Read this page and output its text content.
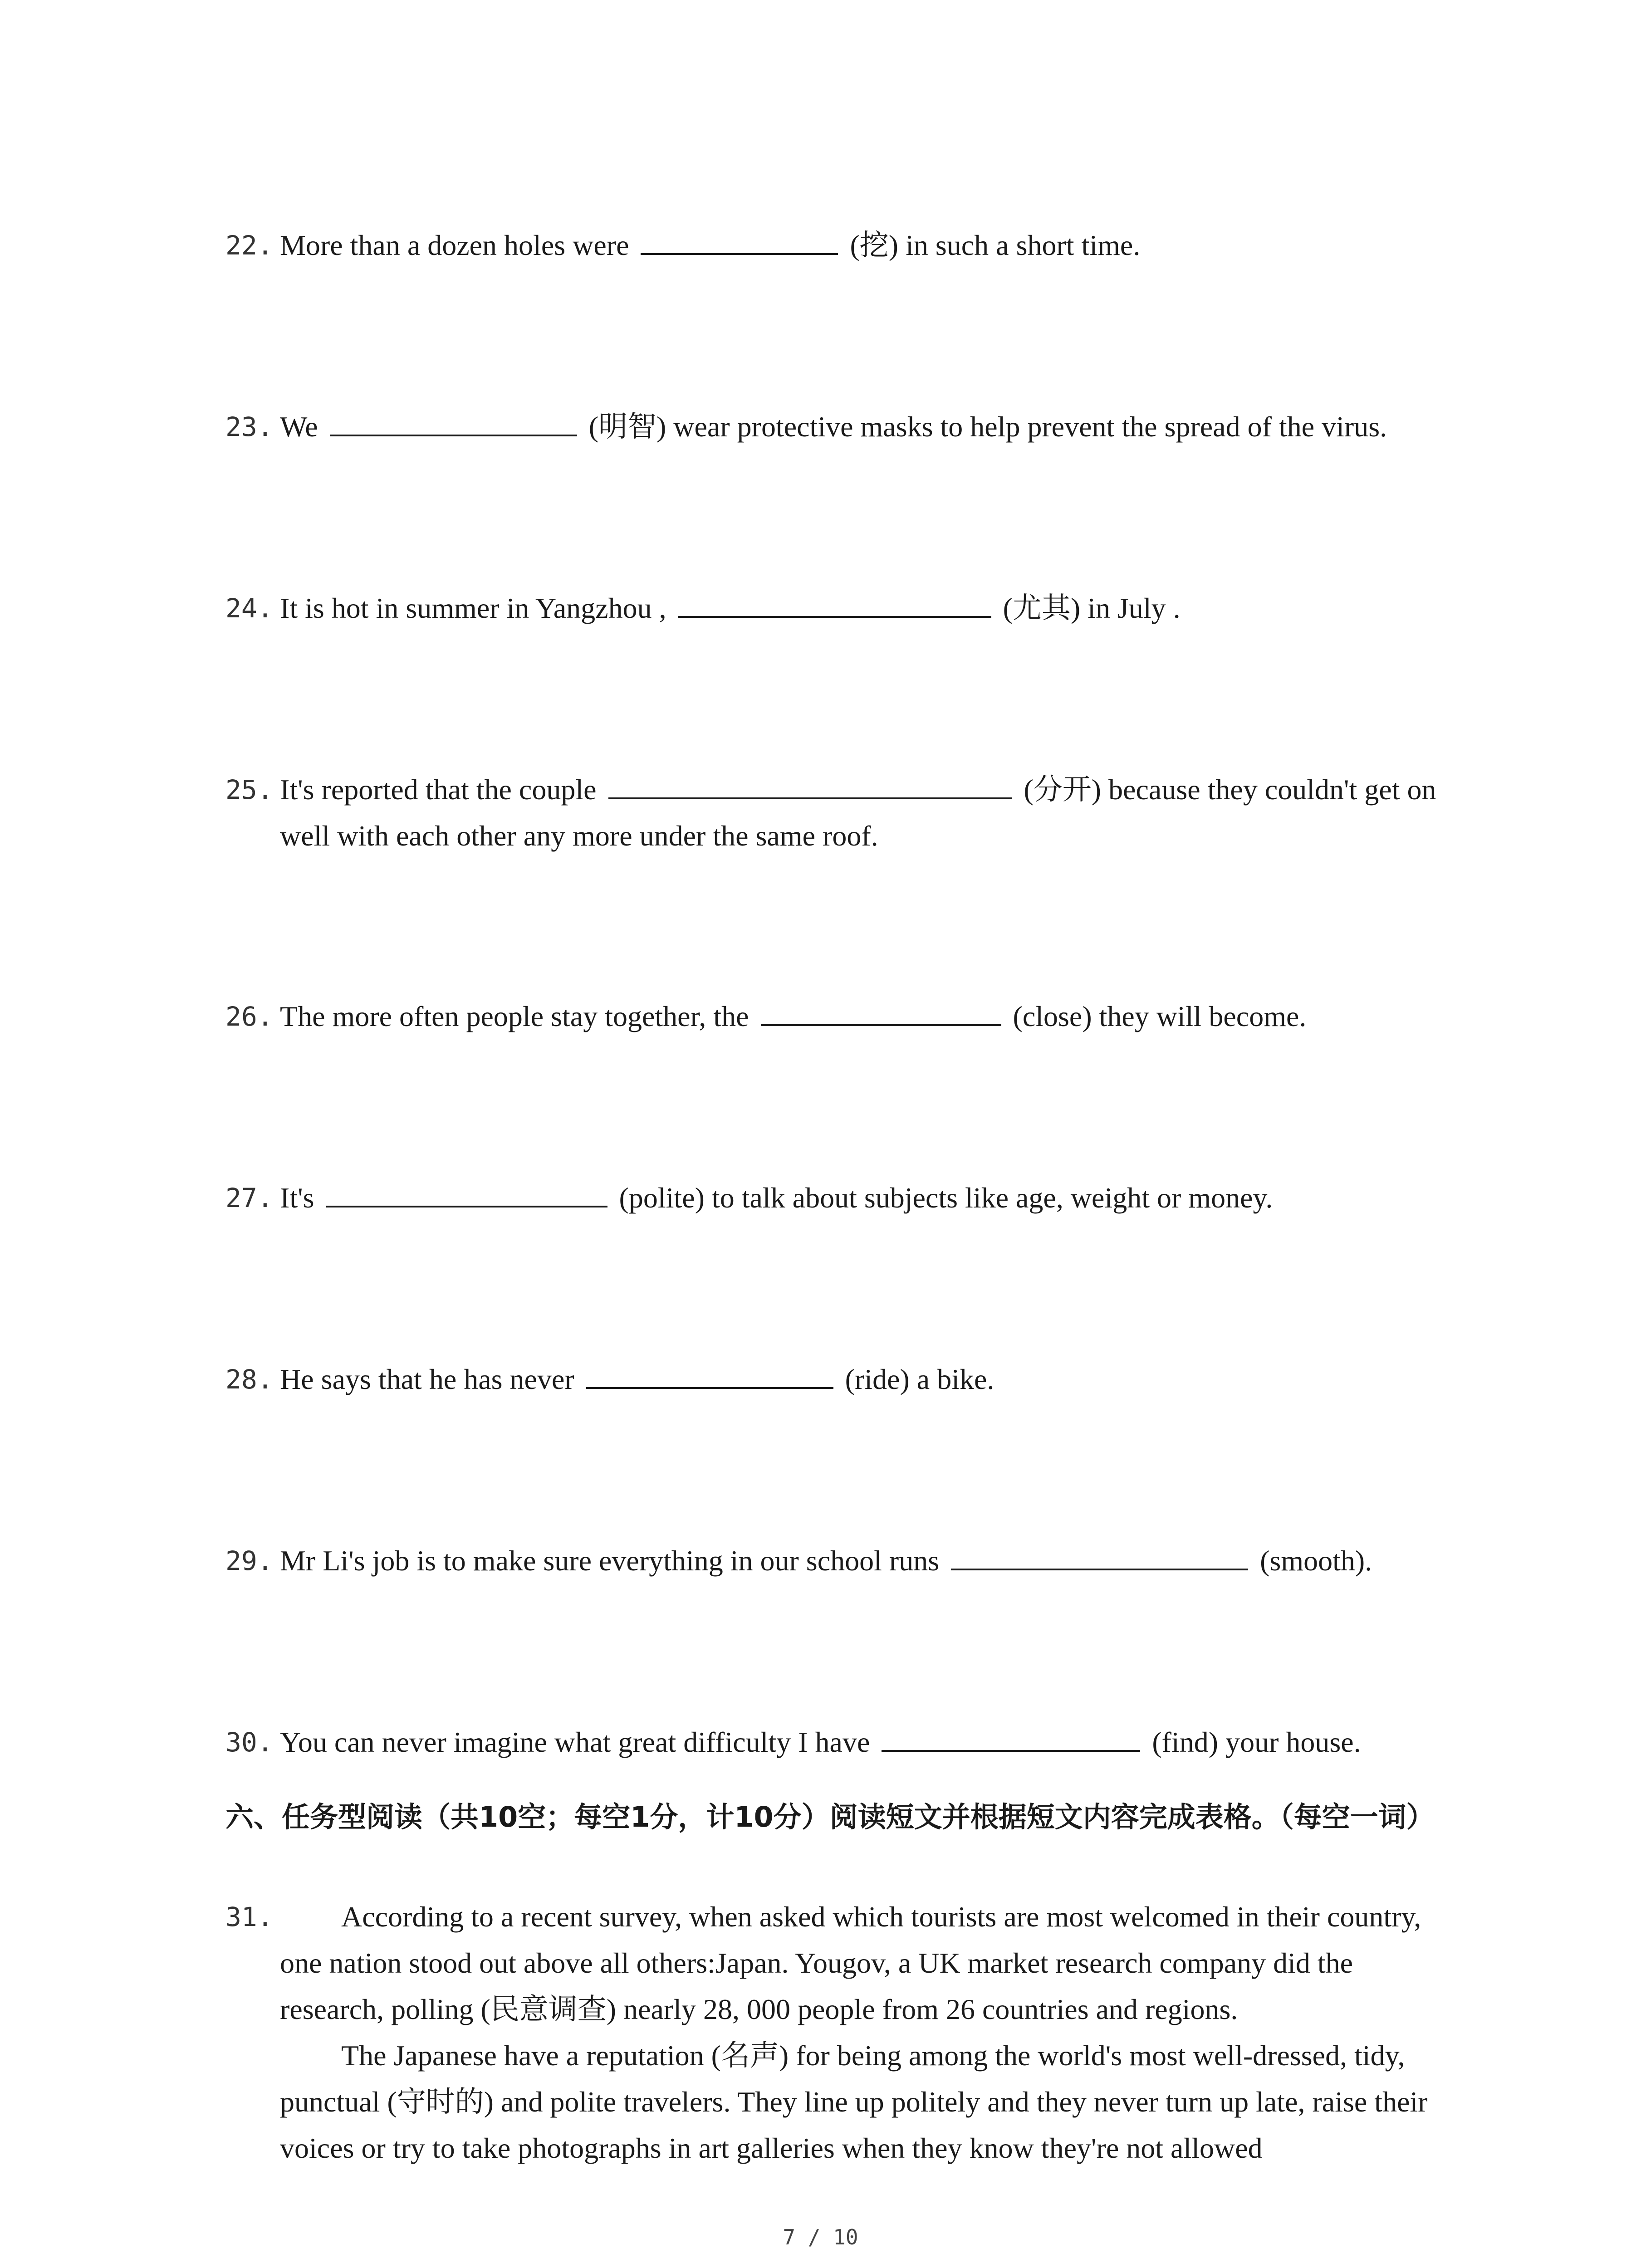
22. More than a dozen holes were	(挖) in such a short time.
23. We	(明智) wear protective masks to help prevent the spread of the virus.
24. It is hot in summer in Yangzhou ,	(尤其) in July .
25. It's reported that the couple	(分开) because they couldn't get on well with each other any more under the same roof.
26. The more often people stay together, the	(close) they will become.
27. It's	(polite) to talk about subjects like age, weight or money.
28. He says that he has never	(ride) a bike.
29. Mr Li's job is to make sure everything in our school runs	(smooth).
30. You can never imagine what great difficulty I have	(find) your house.
六、任务型阅读（共10空；每空1分，计10分）阅读短文并根据短文内容完成表格。（每空一词）
31.	According to a recent survey, when asked which tourists are most welcomed in their country, one nation stood out above all others:Japan. Yougov, a UK market research company did the research, polling (民意调查) nearly 28, 000 people from 26 countries and regions.
The Japanese have a reputation (名声) for being among the world's most well-dressed, tidy, punctual (守时的) and polite travelers. They line up politely and they never turn up late, raise their voices or try to take photographs in art galleries when they know they're not allowed
7 / 10
